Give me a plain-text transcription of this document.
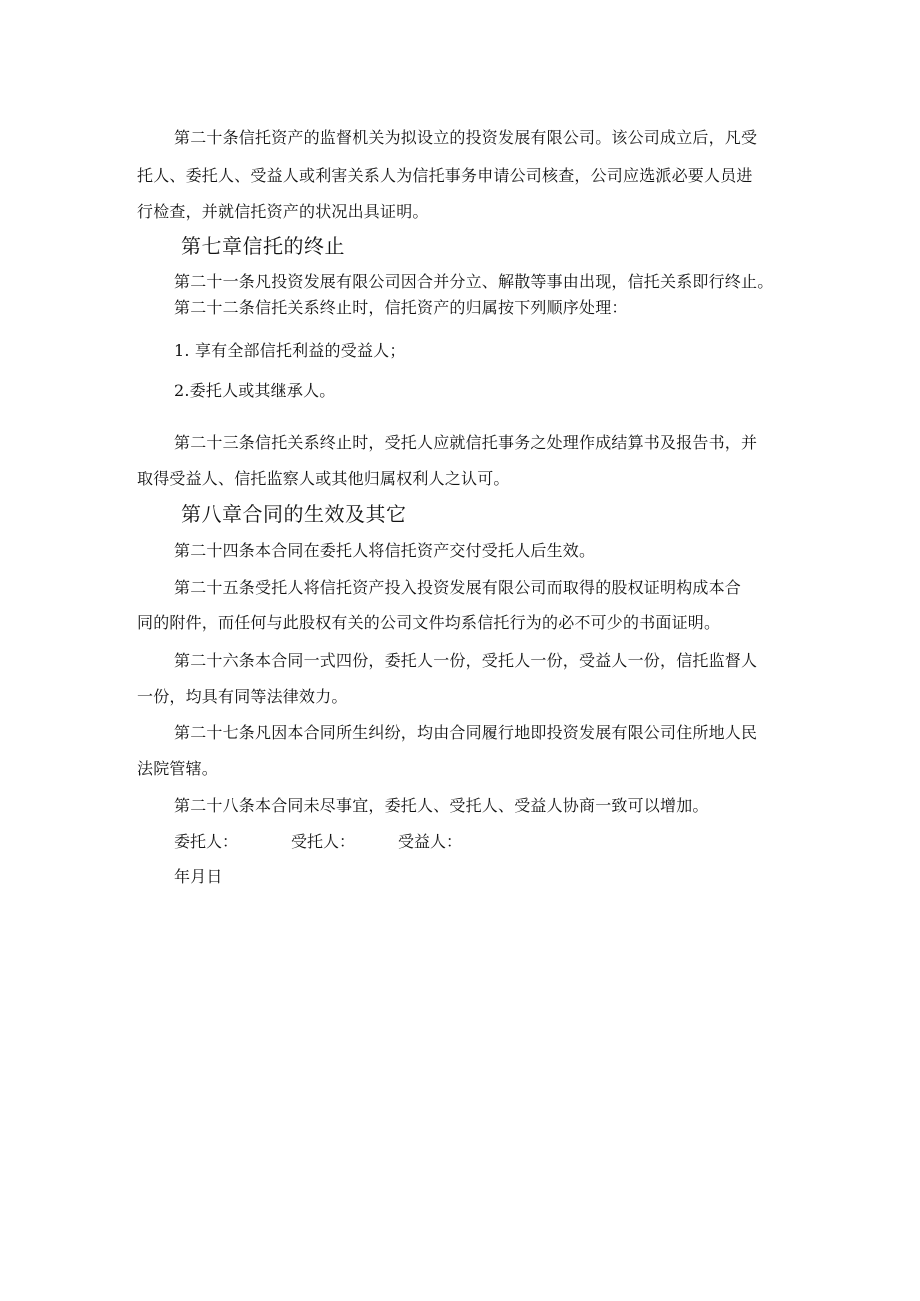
第二十条信托资产的监督机关为拟设立的投资发展有限公司。该公司成立后，凡受
托人、委托人、受益人或利害关系人为信托事务申请公司核查，公司应选派必要人员进
行检查，并就信托资产的状况出具证明。
第七章信托的终止
第二十一条凡投资发展有限公司因合并分立、解散等事由出现，信托关系即行终止。
第二十二条信托关系终止时，信托资产的归属按下列顺序处理：
1. 享有全部信托利益的受益人；
2.委托人或其继承人。
第二十三条信托关系终止时，受托人应就信托事务之处理作成结算书及报告书，并
取得受益人、信托监察人或其他归属权利人之认可。
第八章合同的生效及其它
第二十四条本合同在委托人将信托资产交付受托人后生效。
第二十五条受托人将信托资产投入投资发展有限公司而取得的股权证明构成本合
同的附件，而任何与此股权有关的公司文件均系信托行为的必不可少的书面证明。
第二十六条本合同一式四份，委托人一份，受托人一份，受益人一份，信托监督人
一份，均具有同等法律效力。
第二十七条凡因本合同所生纠纷，均由合同履行地即投资发展有限公司住所地人民
法院管辖。
第二十八条本合同未尽事宜，委托人、受托人、受益人协商一致可以增加。
委托人：	受托人：	受益人：
年月日
